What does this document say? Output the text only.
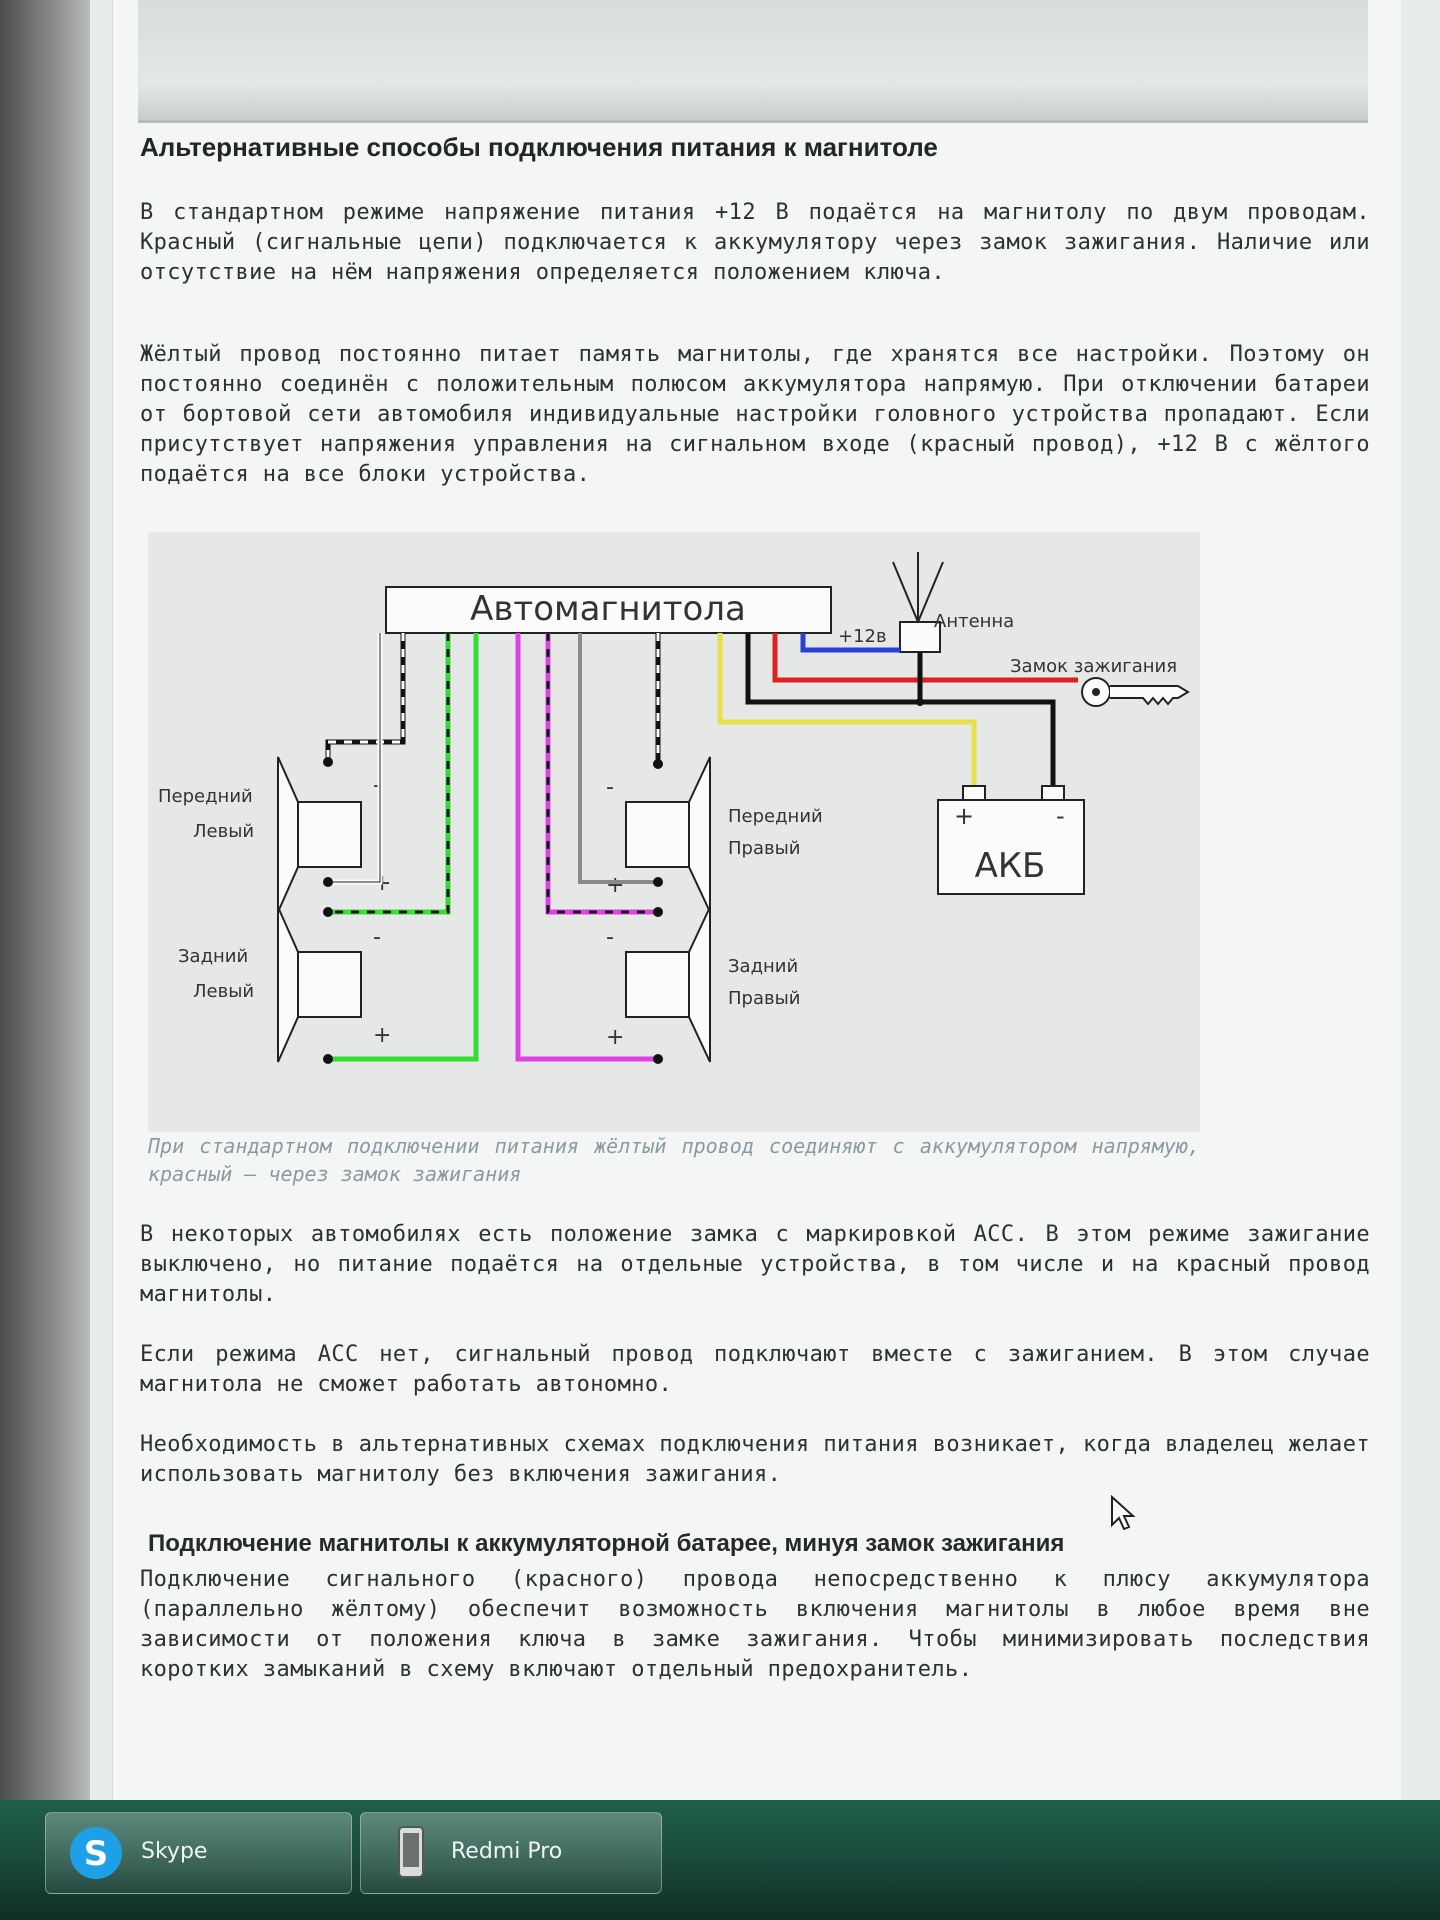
Альтернативные способы подключения питания к магнитоле

В стандартном режиме напряжение питания +12 В подаётся на магнитолу по двум проводам. Красный (сигнальные цепи) подключается к аккумулятору через замок зажигания. Наличие или отсутствие на нём напряжения определяется положением ключа.

Жёлтый провод постоянно питает память магнитолы, где хранятся все настройки. Поэтому он постоянно соединён с положительным полюсом аккумулятора напрямую. При отключении батареи от бортовой сети автомобиля индивидуальные настройки головного устройства пропадают. Если присутствует напряжения управления на сигнальном входе (красный провод), +12 В с жёлтого подаётся на все блоки устройства.

Автомагнитола	Антенна
+12в
Замок зажигания
+	-
АКБ
Передний
Левый
-
+
Задний
Левый
-
+
Передний
Правый
-
+
Задний
Правый
-
+
При стандартном подключении питания жёлтый провод соединяют с аккумулятором напрямую, красный — через замок зажигания

В некоторых автомобилях есть положение замка с маркировкой АСС. В этом режиме зажигание выключено, но питание подаётся на отдельные устройства, в том числе и на красный провод магнитолы.

Если режима АСС нет, сигнальный провод подключают вместе с зажиганием. В этом случае магнитола не сможет работать автономно.

Необходимость в альтернативных схемах подключения питания возникает, когда владелец желает использовать магнитолу без включения зажигания.

Подключение магнитолы к аккумуляторной батарее, минуя замок зажигания

Подключение сигнального (красного) провода непосредственно к плюсу аккумулятора (параллельно жёлтому) обеспечит возможность включения магнитолы в любое время вне зависимости от положения ключа в замке зажигания. Чтобы минимизировать последствия коротких замыканий в схему включают отдельный предохранитель.

S Skype	Redmi Pro
